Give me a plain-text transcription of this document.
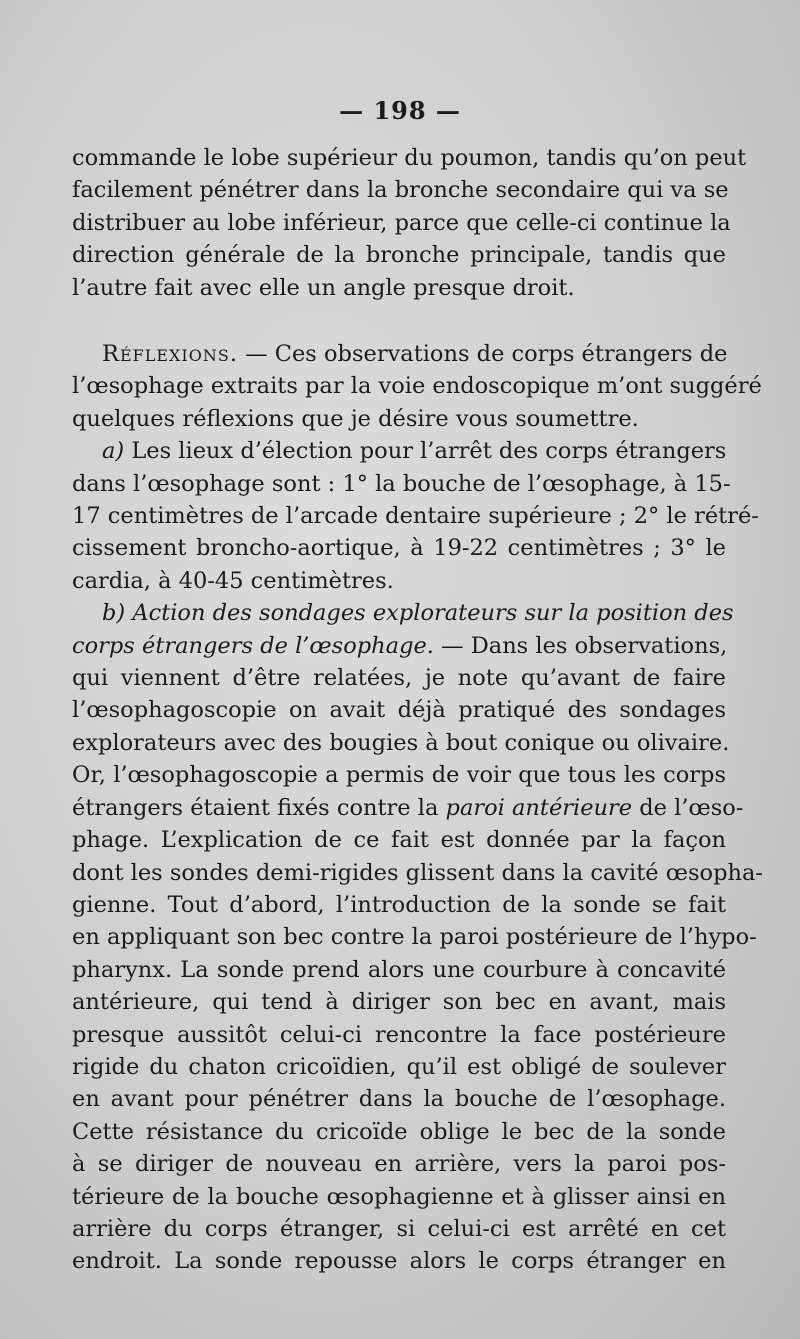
— 198 —
commande le lobe supérieur du poumon, tandis qu’on peut
facilement pénétrer dans la bronche secondaire qui va se
distribuer au lobe inférieur, parce que celle-ci continue la
direction générale de la bronche principale, tandis que
l’autre fait avec elle un angle presque droit.
Réflexions. — Ces observations de corps étrangers de
l’œsophage extraits par la voie endoscopique m’ont suggéré
quelques réflexions que je désire vous soumettre.
a) Les lieux d’élection pour l’arrêt des corps étrangers
dans l’œsophage sont : 1° la bouche de l’œsophage, à 15-
17 centimètres de l’arcade dentaire supérieure ; 2° le rétré-
cissement broncho-aortique, à 19-22 centimètres ; 3° le
cardia, à 40-45 centimètres.
b) Action des sondages explorateurs sur la position des
corps étrangers de l’œsophage. — Dans les observations,
qui viennent d’être relatées, je note qu’avant de faire
l’œsophagoscopie on avait déjà pratiqué des sondages
explorateurs avec des bougies à bout conique ou olivaire.
Or, l’œsophagoscopie a permis de voir que tous les corps
étrangers étaient fixés contre la paroi antérieure de l’œso-
phage. L’explication de ce fait est donnée par la façon
dont les sondes demi-rigides glissent dans la cavité œsopha-
gienne. Tout d’abord, l’introduction de la sonde se fait
en appliquant son bec contre la paroi postérieure de l’hypo-
pharynx. La sonde prend alors une courbure à concavité
antérieure, qui tend à diriger son bec en avant, mais
presque aussitôt celui-ci rencontre la face postérieure
rigide du chaton cricoïdien, qu’il est obligé de soulever
en avant pour pénétrer dans la bouche de l’œsophage.
Cette résistance du cricoïde oblige le bec de la sonde
à se diriger de nouveau en arrière, vers la paroi pos-
térieure de la bouche œsophagienne et à glisser ainsi en
arrière du corps étranger, si celui-ci est arrêté en cet
endroit. La sonde repousse alors le corps étranger en
